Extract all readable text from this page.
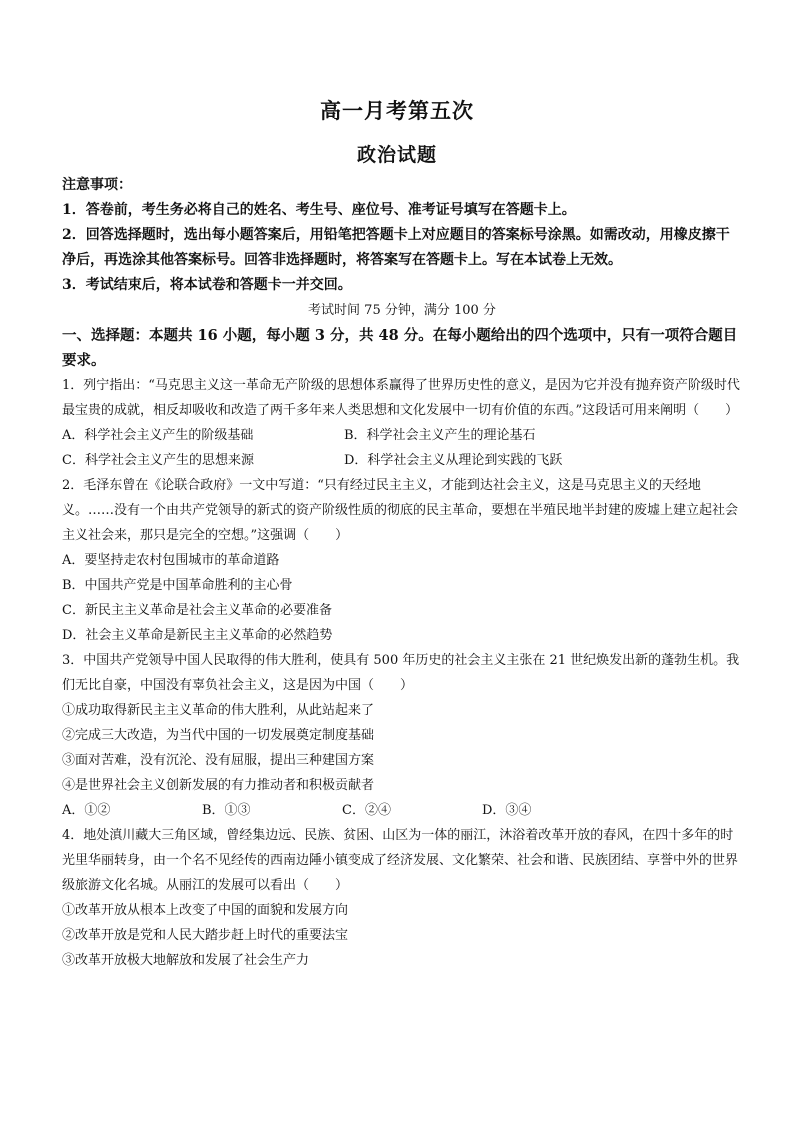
高一月考第五次
政治试题

注意事项：

1．答卷前，考生务必将自己的姓名、考生号、座位号、准考证号填写在答题卡上。

2．回答选择题时，选出每小题答案后，用铅笔把答题卡上对应题目的答案标号涂黑。如需改动，用橡皮擦干净后，再选涂其他答案标号。回答非选择题时，将答案写在答题卡上。写在本试卷上无效。

3．考试结束后，将本试卷和答题卡一并交回。

考试时间 75 分钟，满分 100 分

一、选择题：本题共 16 小题，每小题 3 分，共 48 分。在每小题给出的四个选项中，只有一项符合题目要求。

1．列宁指出：“马克思主义这一革命无产阶级的思想体系赢得了世界历史性的意义，是因为它并没有抛弃资产阶级时代最宝贵的成就，相反却吸收和改造了两千多年来人类思想和文化发展中一切有价值的东西。”这段话可用来阐明（　　）

A．科学社会主义产生的阶级基础	B．科学社会主义产生的理论基石
C．科学社会主义产生的思想来源	D．科学社会主义从理论到实践的飞跃

2．毛泽东曾在《论联合政府》一文中写道：“只有经过民主主义，才能到达社会主义，这是马克思主义的天经地义。……没有一个由共产党领导的新式的资产阶级性质的彻底的民主革命，要想在半殖民地半封建的废墟上建立起社会主义社会来，那只是完全的空想。”这强调（　　）

A．要坚持走农村包围城市的革命道路

B．中国共产党是中国革命胜利的主心骨

C．新民主主义革命是社会主义革命的必要准备

D．社会主义革命是新民主主义革命的必然趋势

3．中国共产党领导中国人民取得的伟大胜利，使具有 500 年历史的社会主义主张在 21 世纪焕发出新的蓬勃生机。我们无比自豪，中国没有辜负社会主义，这是因为中国（　　）

①成功取得新民主主义革命的伟大胜利，从此站起来了

②完成三大改造，为当代中国的一切发展奠定制度基础

③面对苦难，没有沉沦、没有屈服，提出三种建国方案

④是世界社会主义创新发展的有力推动者和积极贡献者

A．①②	B．①③	C．②④	D．③④

4．地处滇川藏大三角区域，曾经集边远、民族、贫困、山区为一体的丽江，沐浴着改革开放的春风，在四十多年的时光里华丽转身，由一个名不见经传的西南边陲小镇变成了经济发展、文化繁荣、社会和谐、民族团结、享誉中外的世界级旅游文化名城。从丽江的发展可以看出（　　）

①改革开放从根本上改变了中国的面貌和发展方向

②改革开放是党和人民大踏步赶上时代的重要法宝

③改革开放极大地解放和发展了社会生产力
